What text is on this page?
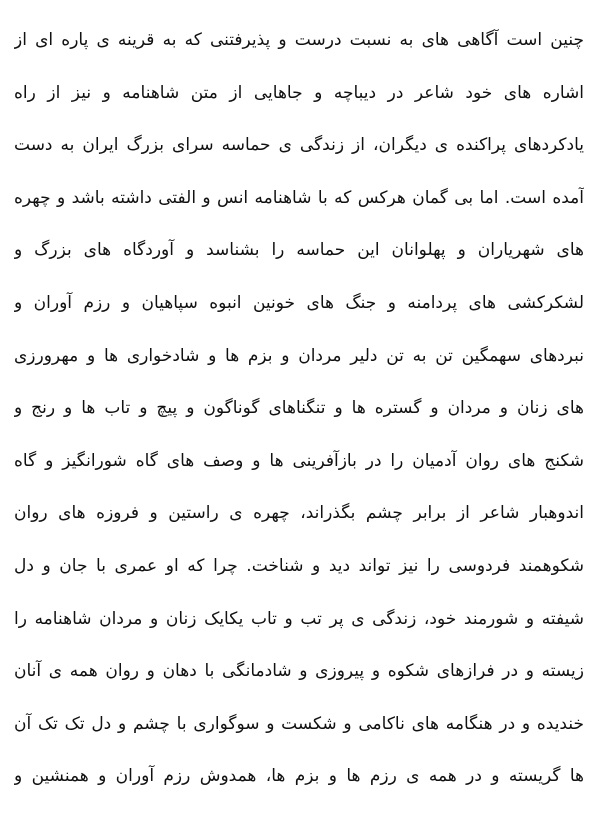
چنین است آگاهی های به نسبت درست و پذیرفتنی که به قرینه ی پاره ای از
اشاره های خود شاعر در دیباچه و جاهایی از متن شاهنامه و نیز از راه
یادکردهای پراکنده ی دیگران، از زندگی ی حماسه سرای بزرگ ایران به دست
آمده است. اما بی گمان هرکس که با شاهنامه انس و الفتی داشته باشد و چهره
های شهریاران و پهلوانان این حماسه را بشناسد و آوردگاه های بزرگ و
لشکرکشی های پردامنه و جنگ های خونین انبوه سپاهیان و رزم آوران و
نبردهای سهمگین تن به تن دلیر مردان و بزم ها و شادخواری ها و مهرورزی
های زنان و مردان و گستره ها و تنگناهای گوناگون و پیچ و تاب ها و رنج و
شکنج های روان آدمیان را در بازآفرینی ها و وصف های گاه شورانگیز و گاه
اندوهبار شاعر از برابر چشم بگذراند، چهره ی راستین و فروزه های روان
شکوهمند فردوسی را نیز تواند دید و شناخت. چرا که او عمری با جان و دل
شیفته و شورمند خود، زندگی ی پر تب و تاب یکایک زنان و مردان شاهنامه را
زیسته و در فرازهای شکوه و پیروزی و شادمانگی با دهان و روان همه ی آنان
خندیده و در هنگامه های ناکامی و شکست و سوگواری با چشم و دل تک تک آن
ها گریسته و در همه ی رزم ها و بزم ها، همدوش رزم آوران و همنشین و
